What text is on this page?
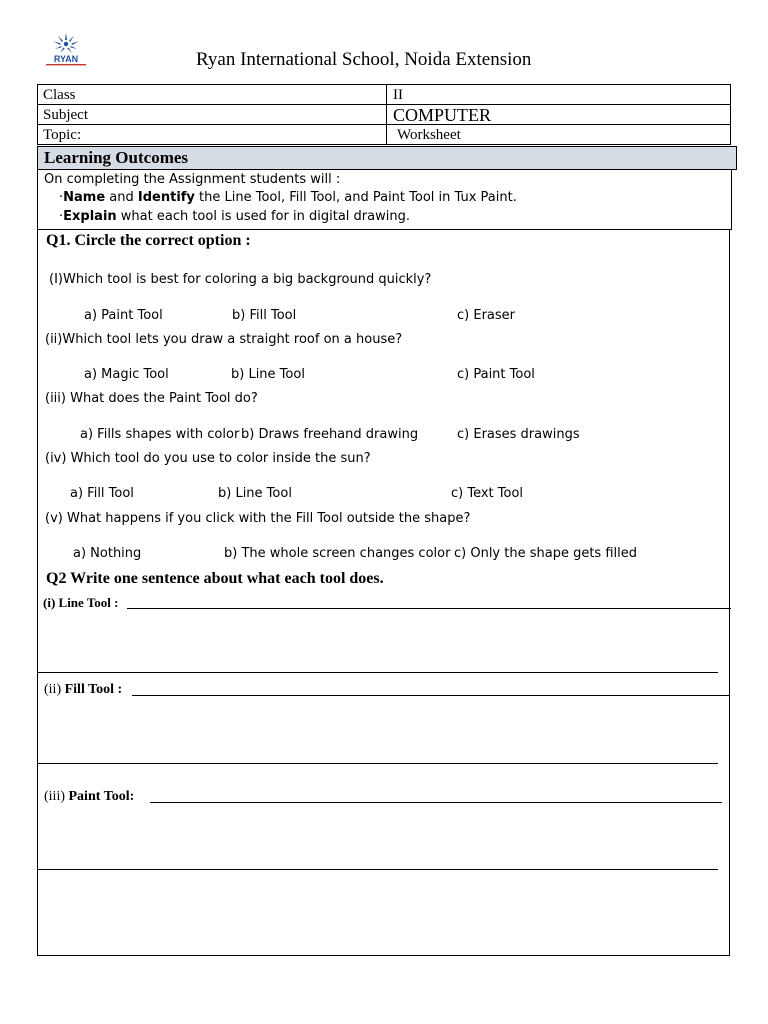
RYAN	Ryan International School, Noida Extension
Class	II
Subject	COMPUTER
Topic:	Worksheet
Learning Outcomes
On completing the Assignment students will :
·Name and Identify the Line Tool, Fill Tool, and Paint Tool in Tux Paint.
·Explain what each tool is used for in digital drawing.
Q1. Circle the correct option :
(I)Which tool is best for coloring a big background quickly?
a) Paint Tool	b) Fill Tool	c) Eraser
(ii)Which tool lets you draw a straight roof on a house?
a) Magic Tool	b) Line Tool	c) Paint Tool
(iii) What does the Paint Tool do?
a) Fills shapes with color b) Draws freehand drawing	c) Erases drawings
(iv) Which tool do you use to color inside the sun?
a) Fill Tool	b) Line Tool	c) Text Tool
(v) What happens if you click with the Fill Tool outside the shape?
a) Nothing	b) The whole screen changes color c) Only the shape gets filled
Q2 Write one sentence about what each tool does.
(i) Line Tool :
(ii) Fill Tool :
(iii) Paint Tool:
